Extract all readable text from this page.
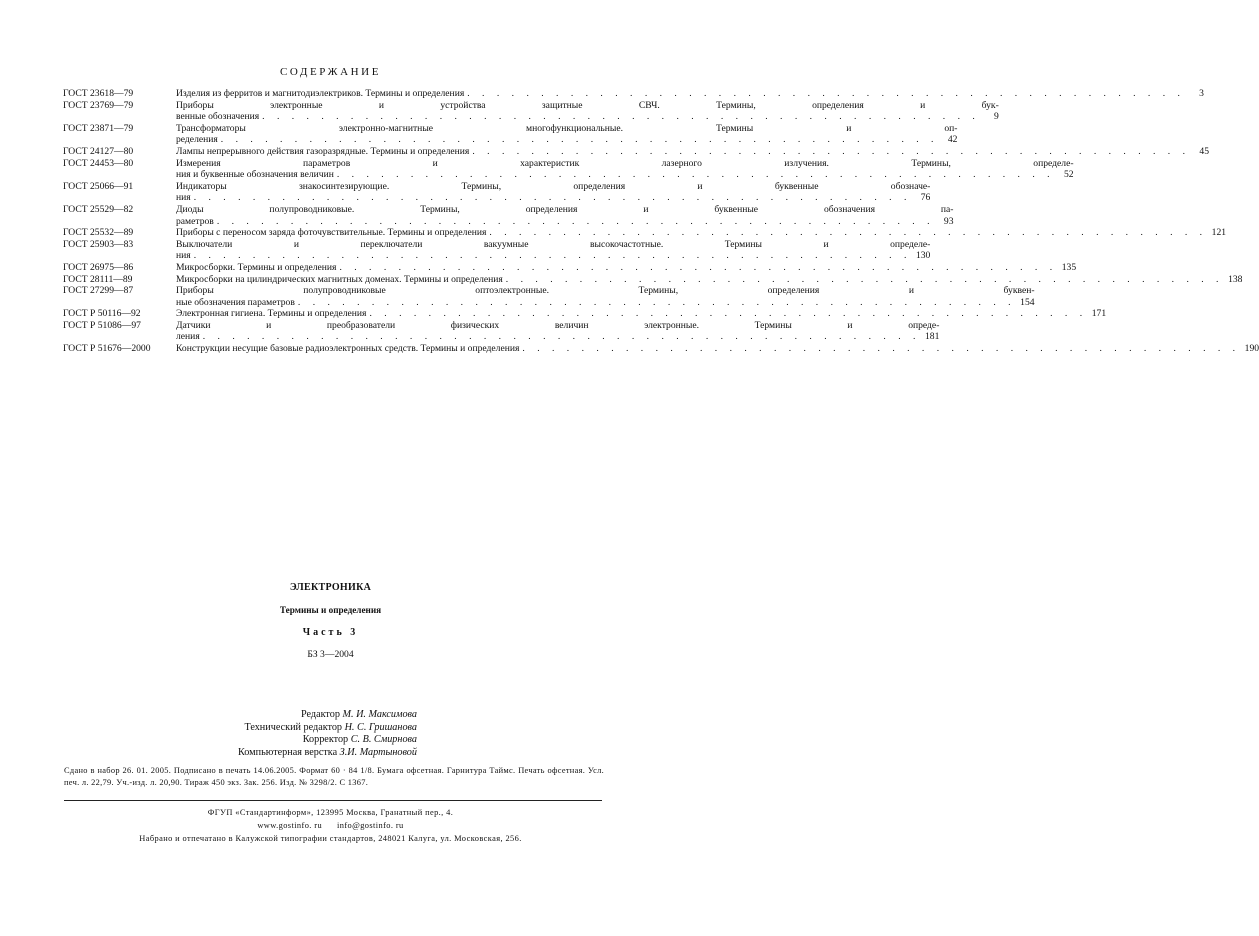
СОДЕРЖАНИЕ
ГОСТ 23618—79	Изделия из ферритов и магнитодиэлектриков. Термины и определения . . . . . . . . . . . . . . . . . . . . . . . . . . . . . . . . . . . . . . . . . . . . . . . . .	3
ГОСТ 23769—79	Приборы электронные и устройства защитные СВЧ. Термины, определения и бук-
венные обозначения . . . . . . . . . . . . . . . . . . . . . . . . . . . . . . . . . . . . . . . . . . . . . . . . .	9
ГОСТ 23871—79	Трансформаторы электронно-магнитные многофункциональные. Термины и оп-
ределения . . . . . . . . . . . . . . . . . . . . . . . . . . . . . . . . . . . . . . . . . . . . . . . . . 42
ГОСТ 24127—80	Лампы непрерывного действия газоразрядные. Термины и определения . . . . . . . . . . . . . . . . . . . . . . . . . . . . . . . . . . . . . . . . . . . . . . . . . 45
ГОСТ 24453—80	Измерения параметров и характеристик лазерного излучения. Термины, определе-
ния и буквенные обозначения величин . . . . . . . . . . . . . . . . . . . . . . . . . . . . . . . . . . . . . . . . . . . . . . . . . 52
ГОСТ 25066—91	Индикаторы знакосинтезирующие. Термины, определения и буквенные обозначе-
ния . . . . . . . . . . . . . . . . . . . . . . . . . . . . . . . . . . . . . . . . . . . . . . . . . 76
ГОСТ 25529—82	Диоды полупроводниковые. Термины, определения и буквенные обозначения па-
раметров . . . . . . . . . . . . . . . . . . . . . . . . . . . . . . . . . . . . . . . . . . . . . . . . . 93
ГОСТ 25532—89	Приборы с переносом заряда фоточувствительные. Термины и определения . . . . . . . . . . . . . . . . . . . . . . . . . . . . . . . . . . . . . . . . . . . . . . . . . 121
ГОСТ 25903—83	Выключатели и переключатели вакуумные высокочастотные. Термины и определе-
ния . . . . . . . . . . . . . . . . . . . . . . . . . . . . . . . . . . . . . . . . . . . . . . . . . 130
ГОСТ 26975—86	Микросборки. Термины и определения . . . . . . . . . . . . . . . . . . . . . . . . . . . . . . . . . . . . . . . . . . . . . . . . . 135
ГОСТ 28111—89	Микросборки на цилиндрических магнитных доменах. Термины и определения . . . . . . . . . . . . . . . . . . . . . . . . . . . . . . . . . . . . . . . . . . . . . . . . . 138
ГОСТ 27299—87	Приборы полупроводниковые оптоэлектронные. Термины, определения и буквен-
ные обозначения параметров . . . . . . . . . . . . . . . . . . . . . . . . . . . . . . . . . . . . . . . . . . . . . . . . . 154
ГОСТ Р 50116—92	Электронная гигиена. Термины и определения . . . . . . . . . . . . . . . . . . . . . . . . . . . . . . . . . . . . . . . . . . . . . . . . . 171
ГОСТ Р 51086—97	Датчики и преобразователи физических величин электронные. Термины и опреде-
ления . . . . . . . . . . . . . . . . . . . . . . . . . . . . . . . . . . . . . . . . . . . . . . . . . 181
ГОСТ Р 51676—2000	Конструкции несущие базовые радиоэлектронных средств. Термины и определения . . . . . . . . . . . . . . . . . . . . . . . . . . . . . . . . . . . . . . . . . . . . . . . . . 190
ЭЛЕКТРОНИКА
Термины и определения
Часть 3
БЗ 3—2004
Редактор М. И. Максимова
Технический редактор Н. С. Гришанова
Корректор С. В. Смирнова
Компьютерная верстка З.И. Мартыновой
Сдано в набор 26. 01. 2005. Подписано в печать 14.06.2005. Формат 60 · 84 1/8. Бумага офсетная. Гарнитура Таймс. Печать офсетная. Усл. печ. л. 22,79. Уч.-изд. л. 20,90. Тираж 450 экз. Зак. 256. Изд. № 3298/2. С 1367.
ФГУП «Стандартинформ», 123995 Москва, Гранатный пер., 4.
www.gostinfo. ru      info@gostinfo. ru
Набрано и отпечатано в Калужской типографии стандартов, 248021 Калуга, ул. Московская, 256.
